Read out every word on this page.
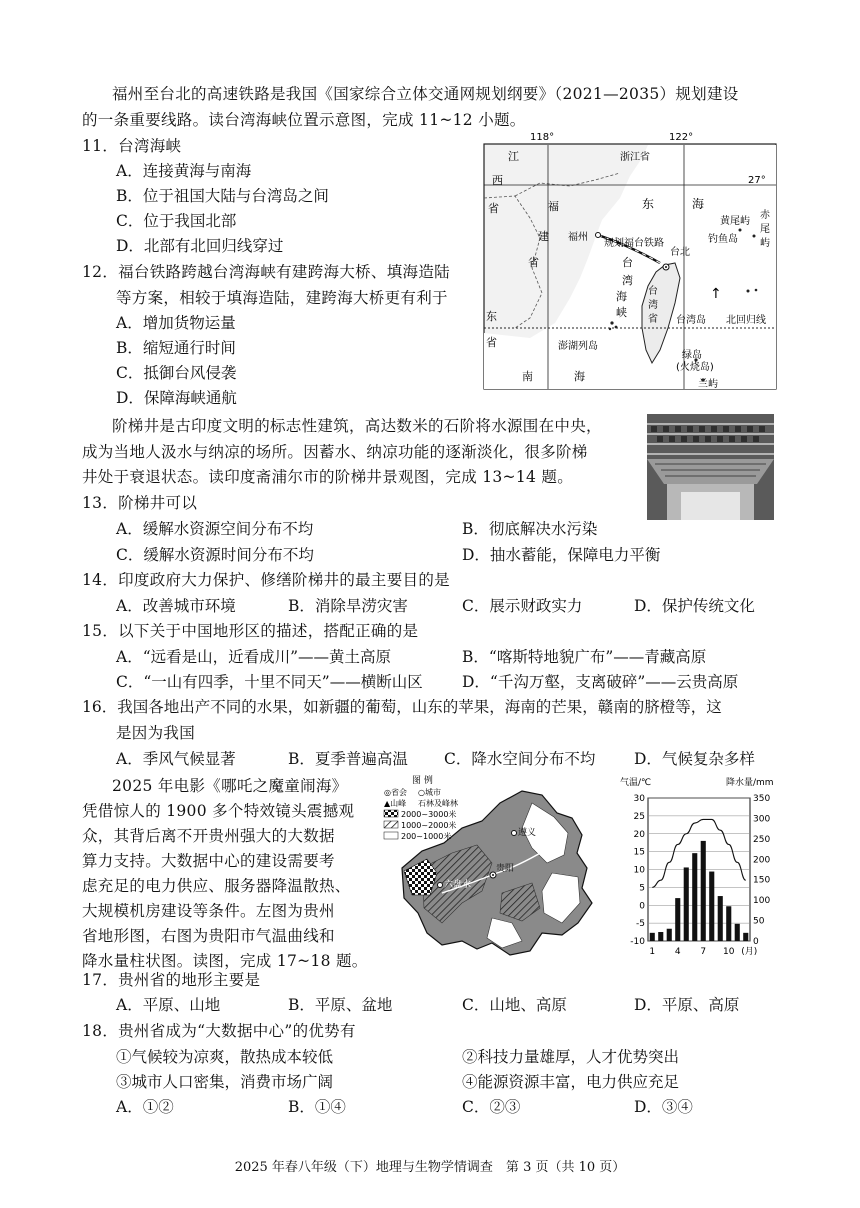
福州至台北的高速铁路是我国《国家综合立体交通网规划纲要》（2021—2035）规划建设
的一条重要线路。读台湾海峡位置示意图，完成 11~12 小题。
11．台湾海峡
A．连接黄海与南海
B．位于祖国大陆与台湾岛之间
C．位于我国北部
D．北部有北回归线穿过
12．福台铁路跨越台湾海峡有建跨海大桥、填海造陆
等方案，相较于填海造陆，建跨海大桥更有利于
A．增加货物运量
B．缩短通行时间
C．抵御台风侵袭
D．保障海峡通航
118°	122°
江
西
省
浙江省
27°
福
建
省
东
省
东	海
福州
规划福台铁路
台北
台
湾
海
峡
台
湾
省 台湾岛 北回归线
澎湖列岛
黄尾屿
赤
尾
屿
钓鱼岛
↑
绿岛
(火烧岛)
兰屿
南	海
阶梯井是古印度文明的标志性建筑，高达数米的石阶将水源围在中央，
成为当地人汲水与纳凉的场所。因蓄水、纳凉功能的逐渐淡化，很多阶梯
井处于衰退状态。读印度斋浦尔市的阶梯井景观图，完成 13~14 题。
13．阶梯井可以
A．缓解水资源空间分布不均	B．彻底解决水污染
C．缓解水资源时间分布不均	D．抽水蓄能，保障电力平衡
14．印度政府大力保护、修缮阶梯井的最主要目的是
A．改善城市环境	B．消除旱涝灾害	C．展示财政实力	D．保护传统文化
15．以下关于中国地形区的描述，搭配正确的是
A．“远看是山，近看成川”——黄土高原	B．“喀斯特地貌广布”——青藏高原
C．“一山有四季，十里不同天”——横断山区	D．“千沟万壑，支离破碎”——云贵高原
16．我国各地出产不同的水果，如新疆的葡萄，山东的苹果，海南的芒果，赣南的脐橙等，这
是因为我国
A．季风气候显著	B．夏季普遍高温 C．降水空间分布不均 D．气候复杂多样
2025 年电影《哪吒之魔童闹海》
凭借惊人的 1900 多个特效镜头震撼观
众，其背后离不开贵州强大的大数据
算力支持。大数据中心的建设需要考
虑充足的电力供应、服务器降温散热、
大规模机房建设等条件。左图为贵州
省地形图，右图为贵阳市气温曲线和
降水量柱状图。读图，完成 17~18 题。
贵阳
六盘水
遵义
图 例
◎省会 ○城市
▲山峰 石林及峰林
2000~3000米
1000~2000米
200~1000米
气温/℃	降水量/mm
30
25
20
15
10
5
0
-5
-10
350
300
250
200
150
100
50
0
1 4 7 10 (月)
17．贵州省的地形主要是
A．平原、山地	B．平原、盆地	C．山地、高原	D．平原、高原
18．贵州省成为“大数据中心”的优势有
①气候较为凉爽，散热成本较低	②科技力量雄厚，人才优势突出
③城市人口密集，消费市场广阔	④能源资源丰富，电力供应充足
A．①②	B．①④	C．②③	D．③④
2025 年春八年级（下）地理与生物学情调查　第 3 页（共 10 页）
